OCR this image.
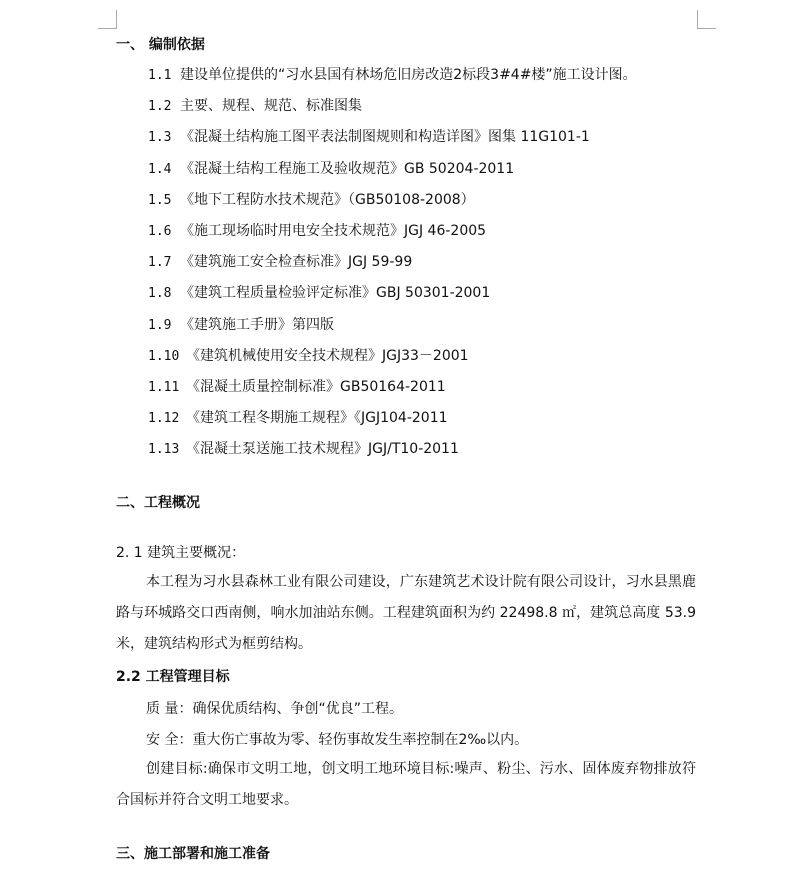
一、 编制依据
1.1 建设单位提供的“习水县国有林场危旧房改造2标段3#4#楼”施工设计图。
1.2 主要、规程、规范、标准图集
1.3 《混凝土结构施工图平表法制图规则和构造详图》图集 11G101-1
1.4 《混凝土结构工程施工及验收规范》GB 50204-2011
1.5 《地下工程防水技术规范》（GB50108-2008）
1.6 《施工现场临时用电安全技术规范》JGJ 46-2005
1.7 《建筑施工安全检查标准》JGJ 59-99
1.8 《建筑工程质量检验评定标准》GBJ 50301-2001
1.9 《建筑施工手册》第四版
1.10 《建筑机械使用安全技术规程》JGJ33－2001
1.11 《混凝土质量控制标准》GB50164-2011
1.12 《建筑工程冬期施工规程》《JGJ104-2011
1.13 《混凝土泵送施工技术规程》JGJ/T10-2011
二、工程概况
2. 1 建筑主要概况：
本工程为习水县森林工业有限公司建设，广东建筑艺术设计院有限公司设计，习水县黑鹿路与环城路交口西南侧，响水加油站东侧。工程建筑面积为约 22498.8 ㎡，建筑总高度 53.9 米，建筑结构形式为框剪结构。
2.2 工程管理目标
质 量：确保优质结构、争创“优良”工程。
安 全：重大伤亡事故为零、轻伤事故发生率控制在2‰以内。
创建目标:确保市文明工地，创文明工地环境目标:噪声、粉尘、污水、固体废弃物排放符合国标并符合文明工地要求。
三、施工部署和施工准备
